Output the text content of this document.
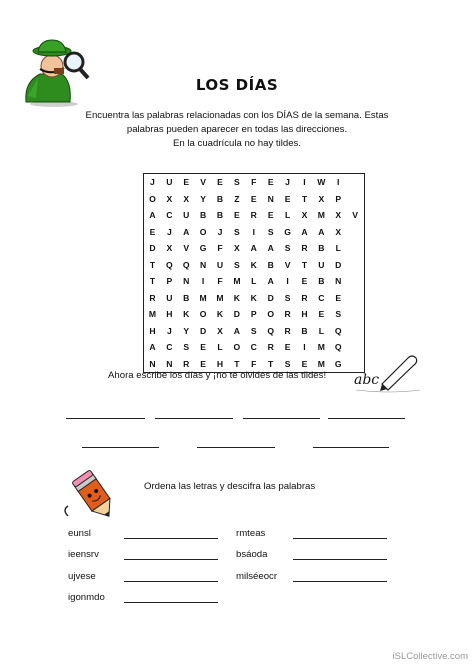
LOS DÍAS
Encuentra las palabras relacionadas con los DÍAS de la semana. Estas
palabras pueden aparecer en todas las direcciones.
En la cuadrícula no hay tildes.
J	U	E	V	E	S	F	E	J	I	W	I	
O	X	X	Y	B	Z	E	N	E	T	X	P	
A	C	U	B	B	E	R	E	L	X	M	X	V
E	J	A	O	J	S	I	S	G	A	A	X	
D	X	V	G	F	X	A	A	S	R	B	L	
T	Q	Q	N	U	S	K	B	V	T	U	D	
T	P	N	I	F	M	L	A	I	E	B	N	
R	U	B	M	M	K	K	D	S	R	C	E	
M	H	K	O	K	D	P	O	R	H	E	S	
H	J	Y	D	X	A	S	Q	R	B	L	Q	
A	C	S	E	L	O	C	R	E	I	M	Q	
N	N	R	E	H	T	F	T	S	E	M	G	
Ahora escribe los días y ¡no te olvides de las tildes! abc
Ordena las letras y descifra las palabras
eunsl
ieensrv
ujvese
igonmdo
rmteas
bsáoda
milséeocr
iSLCollective.com
